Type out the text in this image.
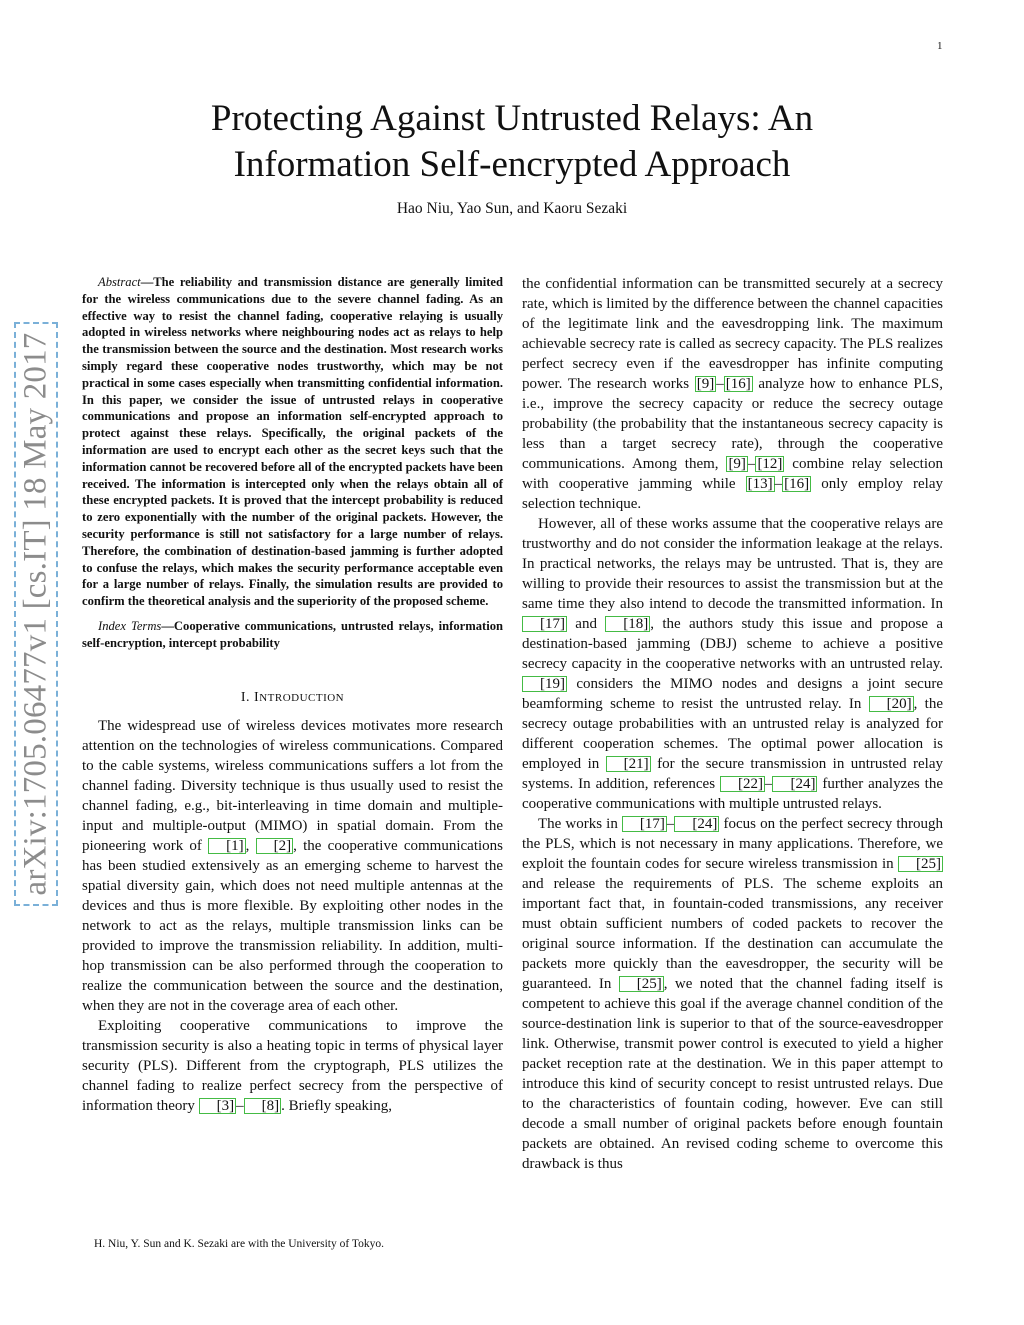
1
Protecting Against Untrusted Relays: An
Information Self-encrypted Approach
Hao Niu, Yao Sun, and Kaoru Sezaki
arXiv:1705.06477v1 [cs.IT] 18 May 2017

Abstract—The reliability and transmission distance are generally limited for the wireless communications due to the severe channel fading. As an effective way to resist the channel fading, cooperative relaying is usually adopted in wireless networks where neighbouring nodes act as relays to help the transmission between the source and the destination. Most research works simply regard these cooperative nodes trustworthy, which may be not practical in some cases especially when transmitting confidential information. In this paper, we consider the issue of untrusted relays in cooperative communications and propose an information self-encrypted approach to protect against these relays. Specifically, the original packets of the information are used to encrypt each other as the secret keys such that the information cannot be recovered before all of the encrypted packets have been received. The information is intercepted only when the relays obtain all of these encrypted packets. It is proved that the intercept probability is reduced to zero exponentially with the number of the original packets. However, the security performance is still not satisfactory for a large number of relays. Therefore, the combination of destination-based jamming is further adopted to confuse the relays, which makes the security performance acceptable even for a large number of relays. Finally, the simulation results are provided to confirm the theoretical analysis and the superiority of the proposed scheme.

Index Terms—Cooperative communications, untrusted relays, information self-encryption, intercept probability

I. INTRODUCTION

The widespread use of wireless devices motivates more research attention on the technologies of wireless communications. Compared to the cable systems, wireless communications suffers a lot from the channel fading. Diversity technique is thus usually used to resist the channel fading, e.g., bit-interleaving in time domain and multiple-input and multiple-output (MIMO) in spatial domain. From the pioneering work of [1] , [2] , the cooperative communications has been studied extensively as an emerging scheme to harvest the spatial diversity gain, which does not need multiple antennas at the devices and thus is more flexible. By exploiting other nodes in the network to act as the relays, multiple transmission links can be provided to improve the transmission reliability. In addition, multi-hop transmission can be also performed through the cooperation to realize the communication between the source and the destination, when they are not in the coverage area of each other.

Exploiting cooperative communications to improve the transmission security is also a heating topic in terms of physical layer security (PLS). Different from the cryptograph, PLS utilizes the channel fading to realize perfect secrecy from the perspective of information theory [3] – [8] . Briefly speaking,

H. Niu, Y. Sun and K. Sezaki are with the University of Tokyo.

the confidential information can be transmitted securely at a secrecy rate, which is limited by the difference between the channel capacities of the legitimate link and the eavesdropping link. The maximum achievable secrecy rate is called as secrecy capacity. The PLS realizes perfect secrecy even if the eavesdropper has infinite computing power. The research works [9] – [16] analyze how to enhance PLS, i.e., improve the secrecy capacity or reduce the secrecy outage probability (the probability that the instantaneous secrecy capacity is less than a target secrecy rate), through the cooperative communications. Among them, [9] – [12] combine relay selection with cooperative jamming while [13] – [16] only employ relay selection technique.

However, all of these works assume that the cooperative relays are trustworthy and do not consider the information leakage at the relays. In practical networks, the relays may be untrusted. That is, they are willing to provide their resources to assist the transmission but at the same time they also intend to decode the transmitted information. In [17] and [18] , the authors study this issue and propose a destination-based jamming (DBJ) scheme to achieve a positive secrecy capacity in the cooperative networks with an untrusted relay. [19] considers the MIMO nodes and designs a joint secure beamforming scheme to resist the untrusted relay. In [20] , the secrecy outage probabilities with an untrusted relay is analyzed for different cooperation schemes. The optimal power allocation is employed in [21] for the secure transmission in untrusted relay systems. In addition, references [22] – [24] further analyzes the cooperative communications with multiple untrusted relays.

The works in [17] – [24] focus on the perfect secrecy through the PLS, which is not necessary in many applications. Therefore, we exploit the fountain codes for secure wireless transmission in [25] and release the requirements of PLS. The scheme exploits an important fact that, in fountain-coded transmissions, any receiver must obtain sufficient numbers of coded packets to recover the original source information. If the destination can accumulate the packets more quickly than the eavesdropper, the security will be guaranteed. In [25] , we noted that the channel fading itself is competent to achieve this goal if the average channel condition of the source-destination link is superior to that of the source-eavesdropper link. Otherwise, transmit power control is executed to yield a higher packet reception rate at the destination. We in this paper attempt to introduce this kind of security concept to resist untrusted relays. Due to the characteristics of fountain coding, however. Eve can still decode a small number of original packets before enough fountain packets are obtained. An revised coding scheme to overcome this drawback is thus
